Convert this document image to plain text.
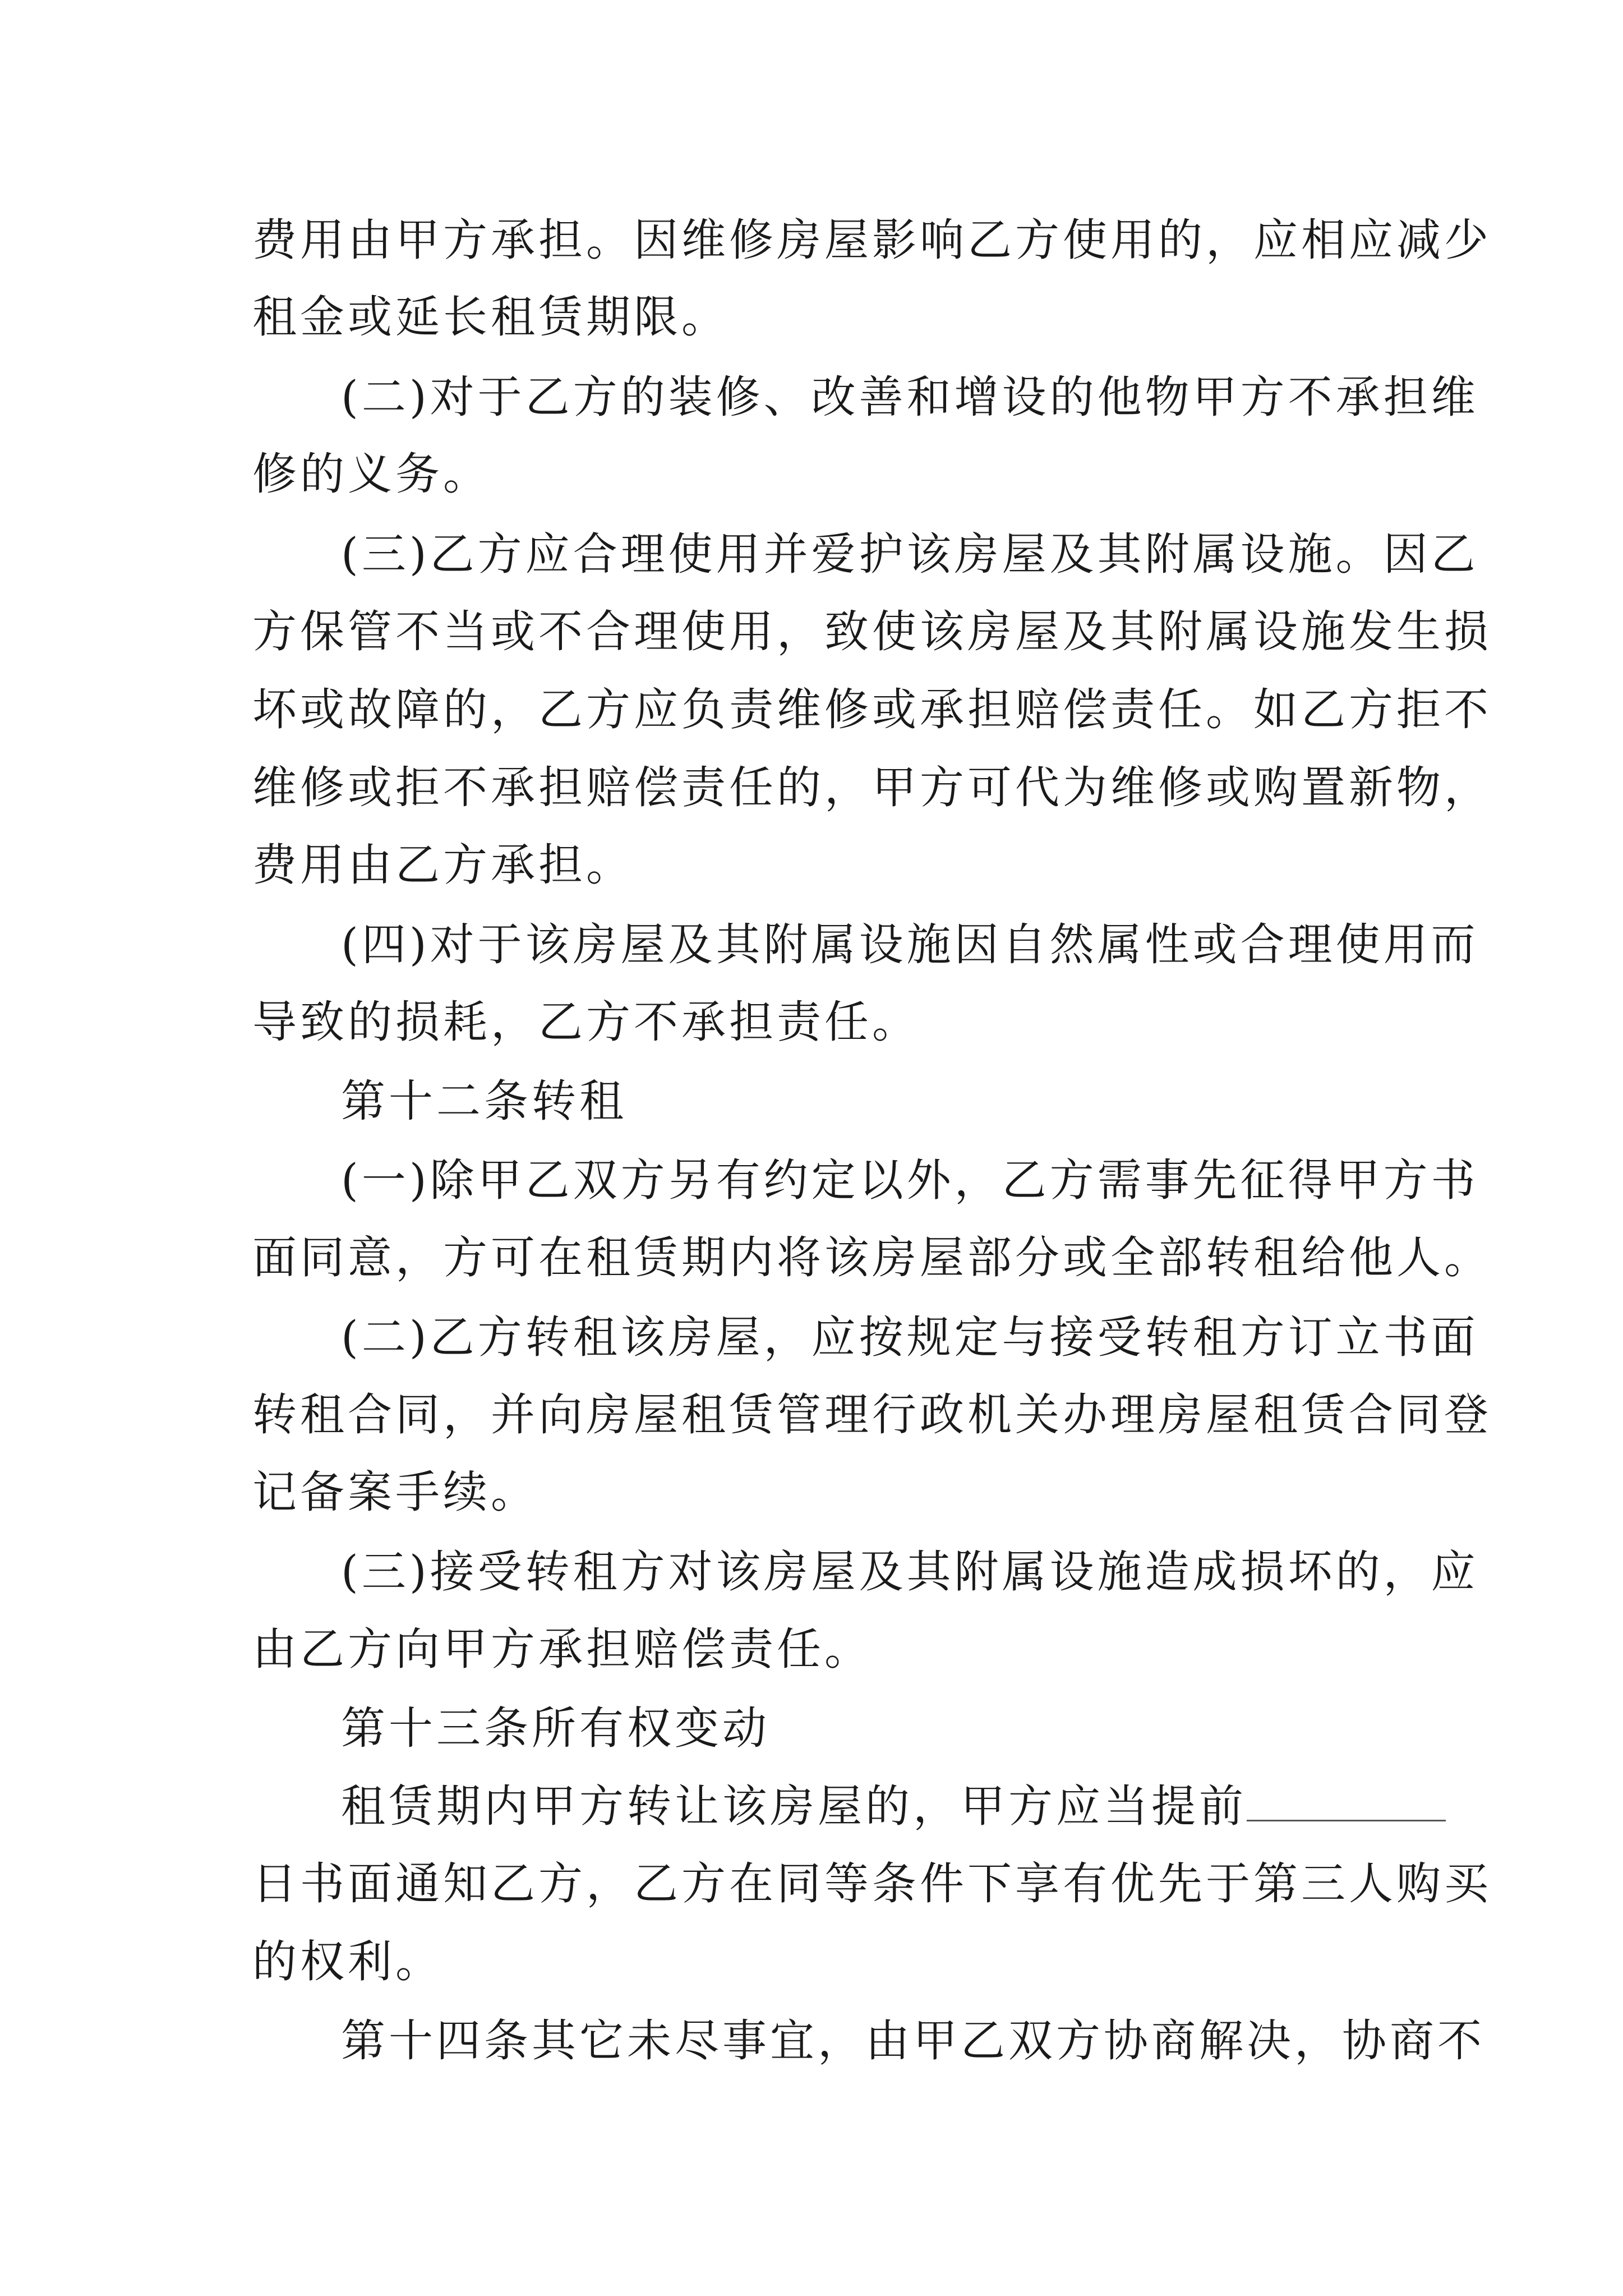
费用由甲方承担。因维修房屋影响乙方使用的，应相应减少
租金或延长租赁期限。
(二)对于乙方的装修、改善和增设的他物甲方不承担维
修的义务。
(三)乙方应合理使用并爱护该房屋及其附属设施。因乙
方保管不当或不合理使用，致使该房屋及其附属设施发生损
坏或故障的，乙方应负责维修或承担赔偿责任。如乙方拒不
维修或拒不承担赔偿责任的，甲方可代为维修或购置新物，
费用由乙方承担。
(四)对于该房屋及其附属设施因自然属性或合理使用而
导致的损耗，乙方不承担责任。
第十二条转租
(一)除甲乙双方另有约定以外，乙方需事先征得甲方书
面同意，方可在租赁期内将该房屋部分或全部转租给他人。
(二)乙方转租该房屋，应按规定与接受转租方订立书面
转租合同，并向房屋租赁管理行政机关办理房屋租赁合同登
记备案手续。
(三)接受转租方对该房屋及其附属设施造成损坏的，应
由乙方向甲方承担赔偿责任。
第十三条所有权变动
租赁期内甲方转让该房屋的，甲方应当提前
日书面通知乙方，乙方在同等条件下享有优先于第三人购买
的权利。
第十四条其它未尽事宜，由甲乙双方协商解决，协商不
